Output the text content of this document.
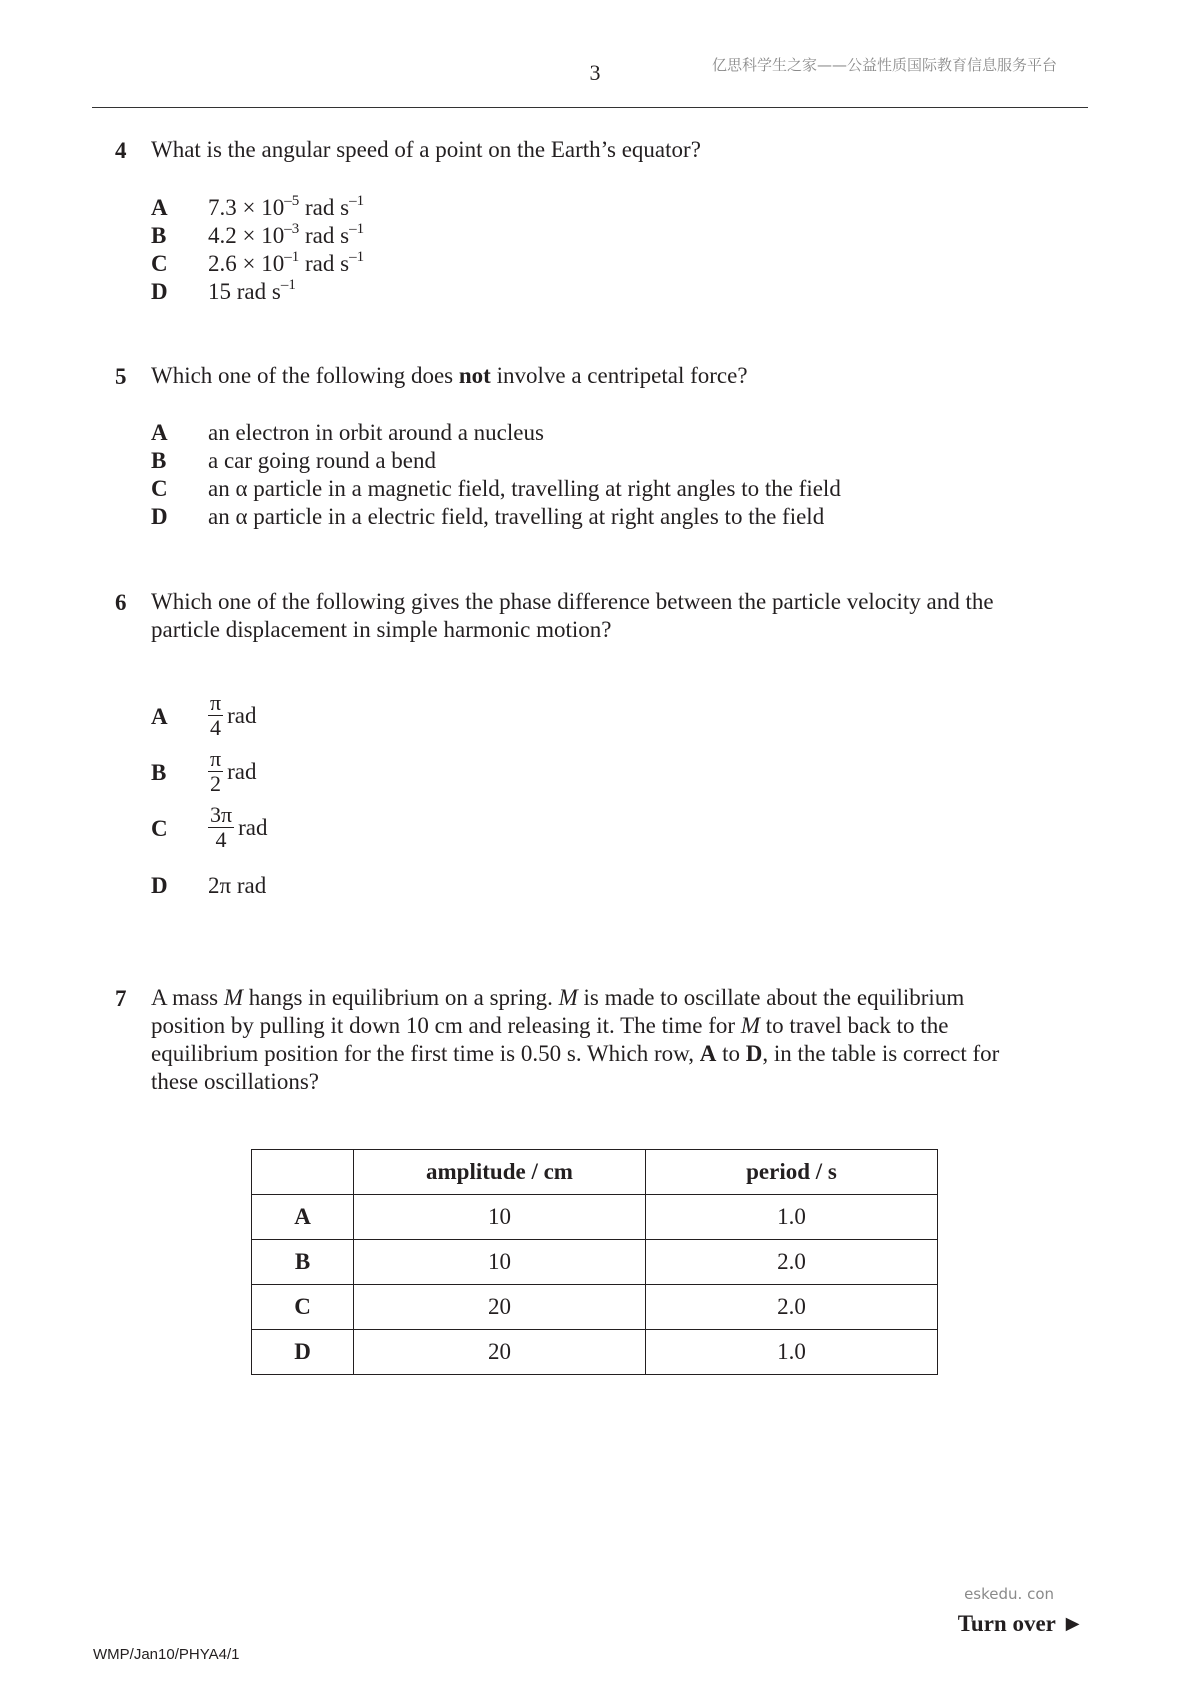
3	亿思科学生之家——公益性质国际教育信息服务平台
4 What is the angular speed of a point on the Earth’s equator?
A $7.3 \times 10^{-5}$ rad $s^{-1}$
B $4.2 \times 10^{-3}$ rad $s^{-1}$
C $2.6 \times 10^{-1}$ rad $s^{-1}$
D 15 rad $s^{-1}$
5 Which one of the following does not involve a centripetal force?
A an electron in orbit around a nucleus
B a car going round a bend
C an α particle in a magnetic field, travelling at right angles to the field
D an α particle in a electric field, travelling at right angles to the field
6 Which one of the following gives the phase difference between the particle velocity and the
particle displacement in simple harmonic motion?
A $\frac{\pi}{4}$ rad
B $\frac{\pi}{2}$ rad
C $\frac{3\pi}{4}$ rad
D 2π rad
7 A mass M hangs in equilibrium on a spring. M is made to oscillate about the equilibrium
position by pulling it down 10 cm and releasing it. The time for M to travel back to the
equilibrium position for the first time is 0.50 s. Which row, A to D, in the table is correct for
these oscillations?
	amplitude / cm	period / s
A	10	1.0
B	10	2.0
C	20	2.0
D	20	1.0
eskedu. con
Turn over ►
WMP/Jan10/PHYA4/1
